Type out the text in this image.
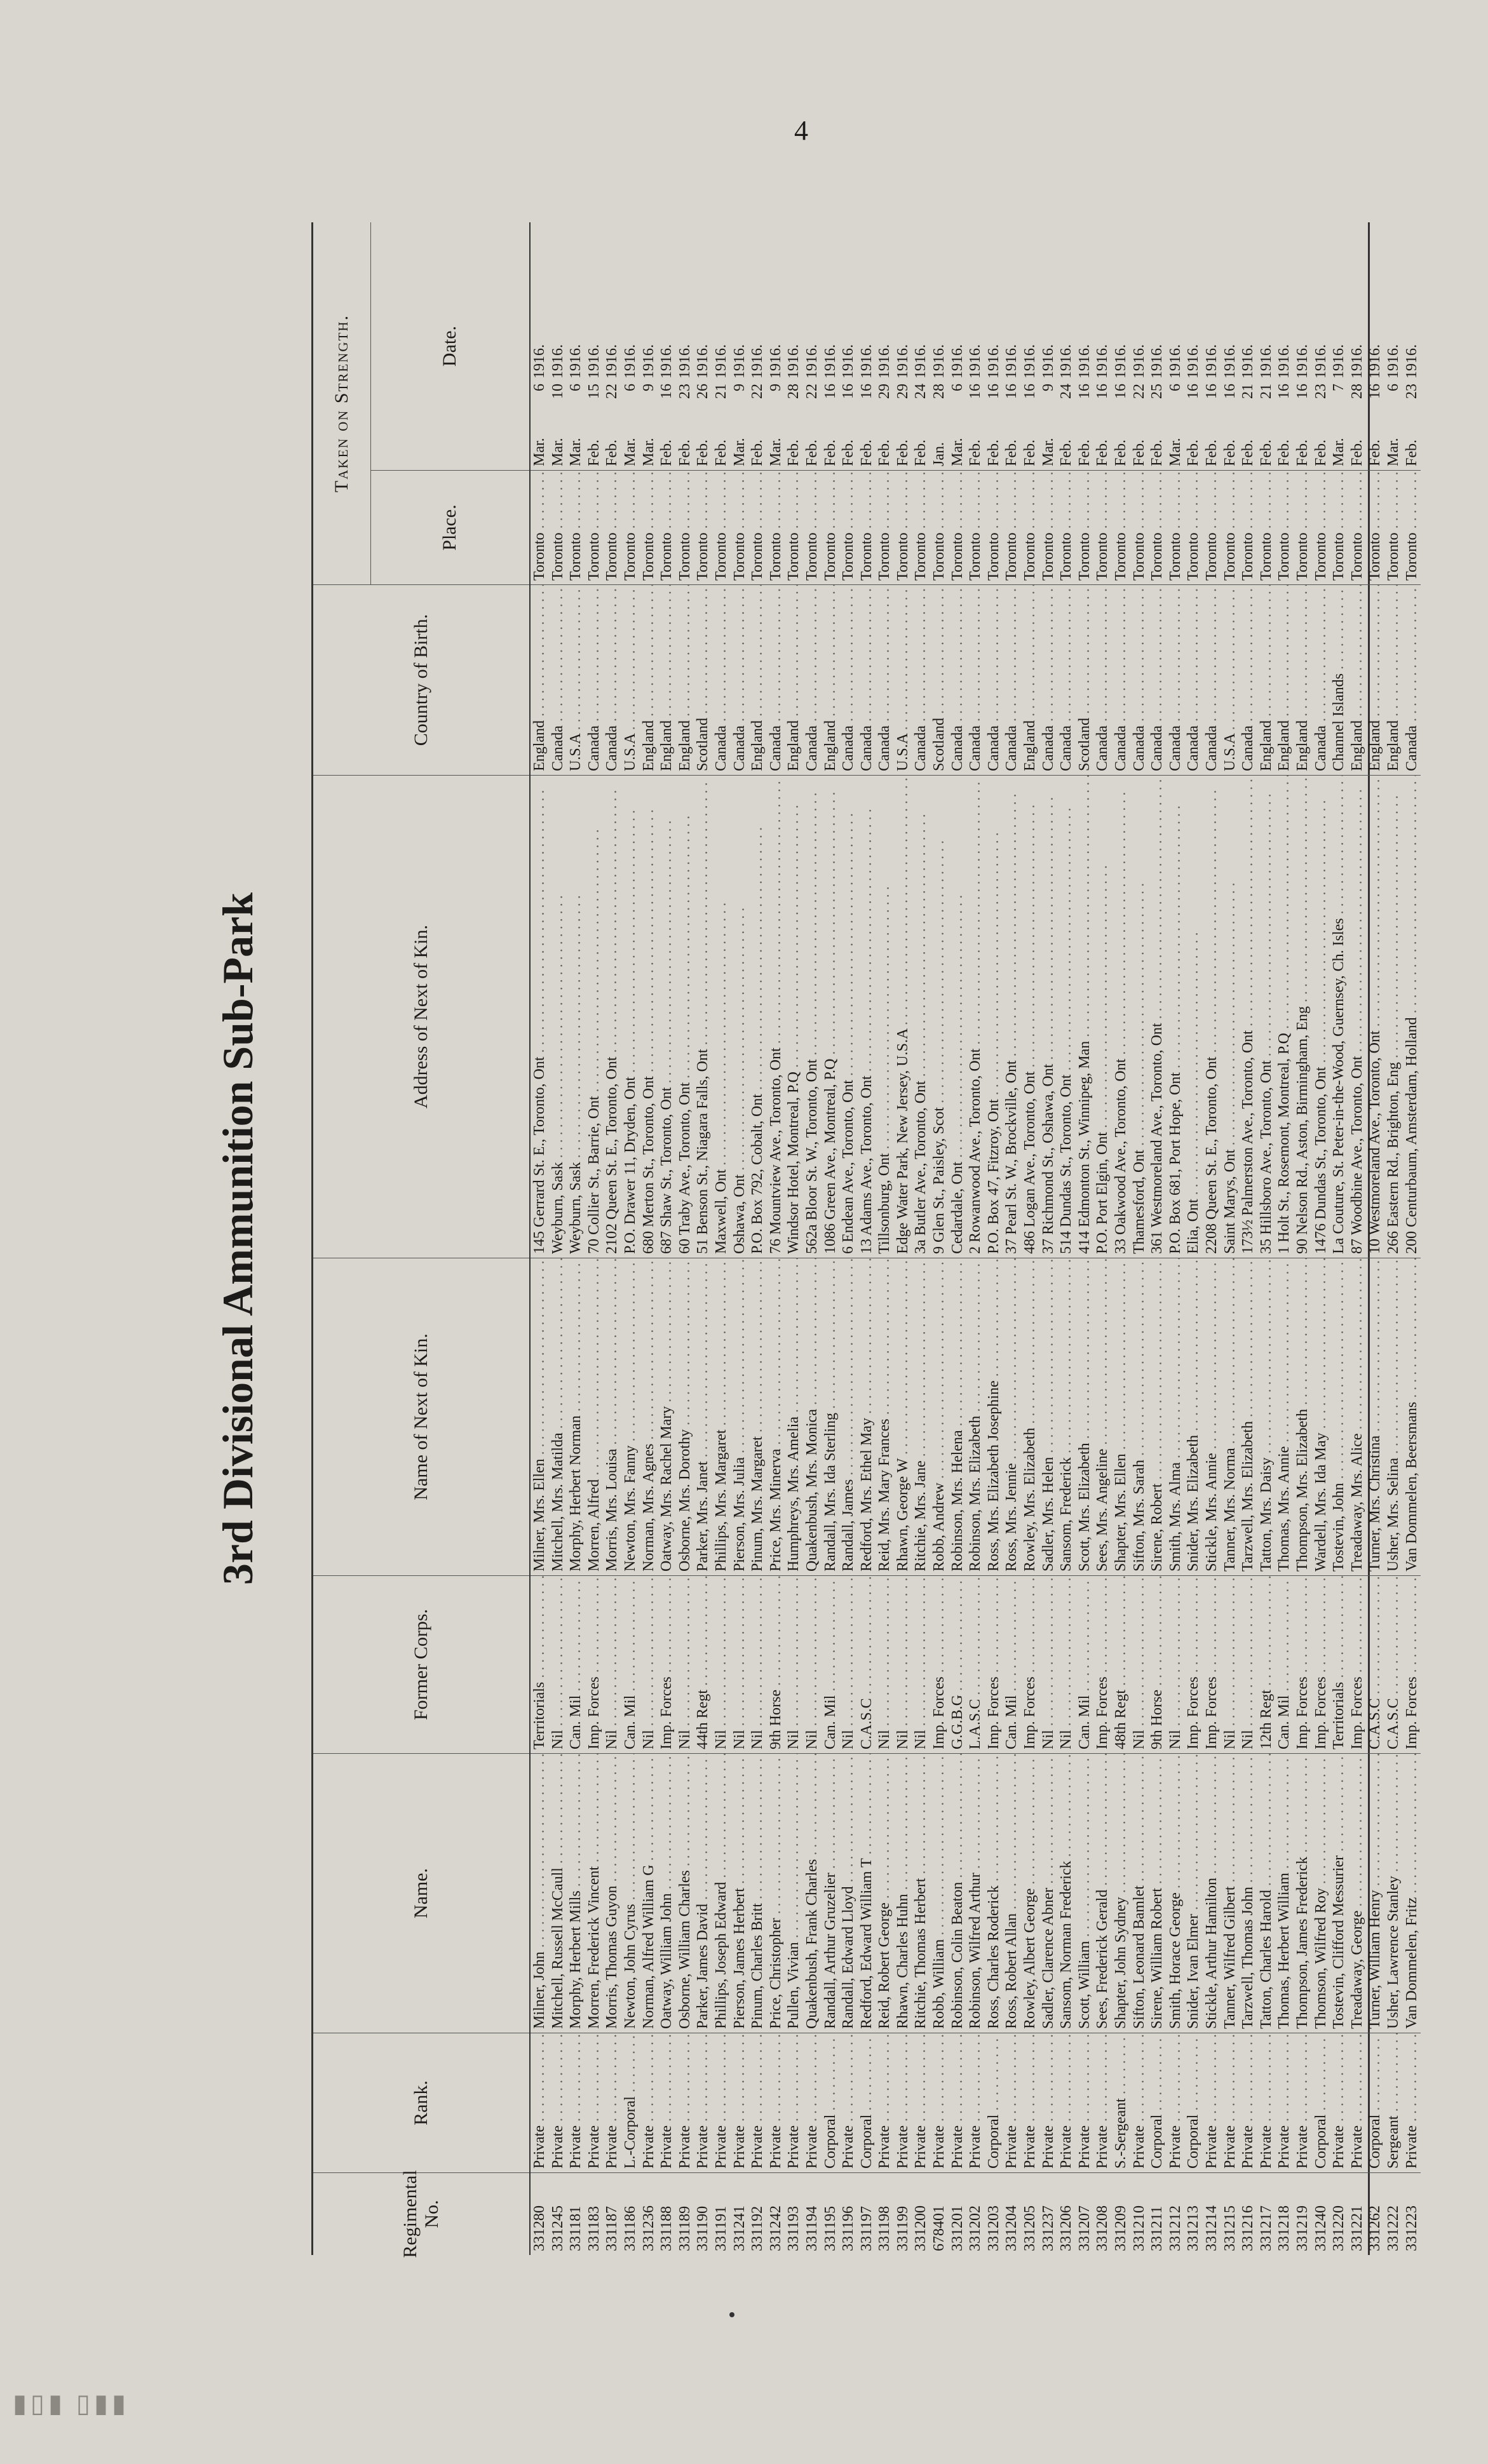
4
3rd Divisional Ammunition Sub-Park
Regimental No.
Rank.
Name.
Former Corps.
Name of Next of Kin.
Address of Next of Kin.
Country of Birth.
Taken on Strength.
Place.
Date.
331280
Private . . .
Milner, John . . .
Territorials . . .
Milner, Mrs. Ellen . . .
145 Gerrard St. E., Toronto, Ont . . .
England . . .
Toronto . . .
Mar.61916.
331245
Private . . .
Mitchell, Russell McCaull . . .
Nil . . .
Mitchell, Mrs. Matilda . . .
Weyburn, Sask . . .
Canada . . .
Toronto . . .
Mar.101916.
331181
Private . . .
Morphy, Herbert Mills . . .
Can. Mil . . .
Morphy, Herbert Norman . . .
Weyburn, Sask . . .
U.S.A . . .
Toronto . . .
Mar.61916.
331183
Private . . .
Morren, Frederick Vincent . . .
Imp. Forces . . .
Morren, Alfred . . .
70 Collier St., Barrie, Ont . . .
Canada . . .
Toronto . . .
Feb.151916.
331187
Private . . .
Morris, Thomas Guyon . . .
Nil . . .
Morris, Mrs. Louisa . . .
2102 Queen St. E., Toronto, Ont . . .
Canada . . .
Toronto . . .
Feb.221916.
331186
L.-Corporal . . .
Newton, John Cyrus . . .
Can. Mil . . .
Newton, Mrs. Fanny . . .
P.O. Drawer 11, Dryden, Ont . . .
U.S.A . . .
Toronto . . .
Mar.61916.
331236
Private . . .
Norman, Alfred William G . . .
Nil . . .
Norman, Mrs. Agnes . . .
680 Merton St., Toronto, Ont . . .
England . . .
Toronto . . .
Mar.91916.
331188
Private . . .
Oatway, William John . . .
Imp. Forces . . .
Oatway, Mrs. Rachel Mary . . .
687 Shaw St., Toronto, Ont . . .
England . . .
Toronto . . .
Feb.161916.
331189
Private . . .
Osborne, William Charles . . .
Nil . . .
Osborne, Mrs. Dorothy . . .
60 Traby Ave., Toronto, Ont . . .
England . . .
Toronto . . .
Feb.231916.
331190
Private . . .
Parker, James David . . .
44th Regt . . .
Parker, Mrs. Janet . . .
51 Benson St., Niagara Falls, Ont . . .
Scotland . . .
Toronto . . .
Feb.261916.
331191
Private . . .
Phillips, Joseph Edward . . .
Nil . . .
Phillips, Mrs. Margaret . . .
Maxwell, Ont . . .
Canada . . .
Toronto . . .
Feb.211916.
331241
Private . . .
Pierson, James Herbert . . .
Nil . . .
Pierson, Mrs. Julia . . .
Oshawa, Ont . . .
Canada . . .
Toronto . . .
Mar.91916.
331192
Private . . .
Pinum, Charles Britt . . .
Nil . . .
Pinum, Mrs. Margaret . . .
P.O. Box 792, Cobalt, Ont . . .
England . . .
Toronto . . .
Feb.221916.
331242
Private . . .
Price, Christopher . . .
9th Horse . . .
Price, Mrs. Minerva . . .
76 Mountview Ave., Toronto, Ont . . .
Canada . . .
Toronto . . .
Mar.91916.
331193
Private . . .
Pullen, Vivian . . .
Nil . . .
Humphreys, Mrs. Amelia . . .
Windsor Hotel, Montreal, P.Q . . .
England . . .
Toronto . . .
Feb.281916.
331194
Private . . .
Quakenbush, Frank Charles . . .
Nil . . .
Quakenbush, Mrs. Monica . . .
562a Bloor St. W., Toronto, Ont . . .
Canada . . .
Toronto . . .
Feb.221916.
331195
Corporal . . .
Randall, Arthur Gruzelier . . .
Can. Mil . . .
Randall, Mrs. Ida Sterling . . .
1086 Green Ave., Montreal, P.Q . . .
England . . .
Toronto . . .
Feb.161916.
331196
Private . . .
Randall, Edward Lloyd . . .
Nil . . .
Randall, James . . .
6 Endean Ave., Toronto, Ont . . .
Canada . . .
Toronto . . .
Feb.161916.
331197
Corporal . . .
Redford, Edward William T . . .
C.A.S.C . . .
Redford, Mrs. Ethel May . . .
13 Adams Ave., Toronto, Ont . . .
Canada . . .
Toronto . . .
Feb.161916.
331198
Private . . .
Reid, Robert George . . .
Nil . . .
Reid, Mrs. Mary Frances . . .
Tillsonburg, Ont . . .
Canada . . .
Toronto . . .
Feb.291916.
331199
Private . . .
Rhawn, Charles Huhn . . .
Nil . . .
Rhawn, George W . . .
Edge Water Park, New Jersey, U.S.A . . .
U.S.A . . .
Toronto . . .
Feb.291916.
331200
Private . . .
Ritchie, Thomas Herbert . . .
Nil . . .
Ritchie, Mrs. Jane . . .
3a Butler Ave., Toronto, Ont . . .
Canada . . .
Toronto . . .
Feb.241916.
678401
Private . . .
Robb, William . . .
Imp. Forces . . .
Robb, Andrew . . .
9 Glen St., Paisley, Scot . . .
Scotland . . .
Toronto . . .
Jan.281916.
331201
Private . . .
Robinson, Colin Beaton . . .
G.G.B.G . . .
Robinson, Mrs. Helena . . .
Cedardale, Ont . . .
Canada . . .
Toronto . . .
Mar.61916.
331202
Private . . .
Robinson, Wilfred Arthur . . .
L.A.S.C . . .
Robinson, Mrs. Elizabeth . . .
2 Rowanwood Ave., Toronto, Ont . . .
Canada . . .
Toronto . . .
Feb.161916.
331203
Corporal . . .
Ross, Charles Roderick . . .
Imp. Forces . . .
Ross, Mrs. Elizabeth Josephine . . .
P.O. Box 47, Fitzroy, Ont . . .
Canada . . .
Toronto . . .
Feb.161916.
331204
Private . . .
Ross, Robert Allan . . .
Can. Mil . . .
Ross, Mrs. Jennie . . .
37 Pearl St. W., Brockville, Ont . . .
Canada . . .
Toronto . . .
Feb.161916.
331205
Private . . .
Rowley, Albert George . . .
Imp. Forces . . .
Rowley, Mrs. Elizabeth . . .
486 Logan Ave., Toronto, Ont . . .
England . . .
Toronto . . .
Feb.161916.
331237
Private . . .
Sadler, Clarence Abner . . .
Nil . . .
Sadler, Mrs. Helen . . .
37 Richmond St., Oshawa, Ont . . .
Canada . . .
Toronto . . .
Mar.91916.
331206
Private . . .
Sansom, Norman Frederick . . .
Nil . . .
Sansom, Frederick . . .
514 Dundas St., Toronto, Ont . . .
Canada . . .
Toronto . . .
Feb.241916.
331207
Private . . .
Scott, William . . .
Can. Mil . . .
Scott, Mrs. Elizabeth . . .
414 Edmonton St., Winnipeg, Man . . .
Scotland . . .
Toronto . . .
Feb.161916.
331208
Private . . .
Sees, Frederick Gerald . . .
Imp. Forces . . .
Sees, Mrs. Angeline . . .
P.O. Port Elgin, Ont . . .
Canada . . .
Toronto . . .
Feb.161916.
331209
S.-Sergeant . . .
Shapter, John Sydney . . .
48th Regt . . .
Shapter, Mrs. Ellen . . .
33 Oakwood Ave., Toronto, Ont . . .
Canada . . .
Toronto . . .
Feb.161916.
331210
Private . . .
Sifton, Leonard Bamlet . . .
Nil . . .
Sifton, Mrs. Sarah . . .
Thamesford, Ont . . .
Canada . . .
Toronto . . .
Feb.221916.
331211
Corporal . . .
Sirene, William Robert . . .
9th Horse . . .
Sirene, Robert . . .
361 Westmoreland Ave., Toronto, Ont . . .
Canada . . .
Toronto . . .
Feb.251916.
331212
Private . . .
Smith, Horace George . . .
Nil . . .
Smith, Mrs. Alma . . .
P.O. Box 681, Port Hope, Ont . . .
Canada . . .
Toronto . . .
Mar.61916.
331213
Corporal . . .
Snider, Ivan Elmer . . .
Imp. Forces . . .
Snider, Mrs. Elizabeth . . .
Elia, Ont . . .
Canada . . .
Toronto . . .
Feb.161916.
331214
Private . . .
Stickle, Arthur Hamilton . . .
Imp. Forces . . .
Stickle, Mrs. Annie . . .
2208 Queen St. E., Toronto, Ont . . .
Canada . . .
Toronto . . .
Feb.161916.
331215
Private . . .
Tanner, Wilfred Gilbert . . .
Nil . . .
Tanner, Mrs. Norma . . .
Saint Marys, Ont . . .
U.S.A . . .
Toronto . . .
Feb.161916.
331216
Private . . .
Tarzwell, Thomas John . . .
Nil . . .
Tarzwell, Mrs. Elizabeth . . .
173½ Palmerston Ave., Toronto, Ont . . .
Canada . . .
Toronto . . .
Feb.211916.
331217
Private . . .
Tatton, Charles Harold . . .
12th Regt . . .
Tatton, Mrs. Daisy . . .
35 Hillsboro Ave., Toronto, Ont . . .
England . . .
Toronto . . .
Feb.211916.
331218
Private . . .
Thomas, Herbert William . . .
Can. Mil . . .
Thomas, Mrs. Annie . . .
1 Holt St., Rosemont, Montreal, P.Q . . .
England . . .
Toronto . . .
Feb.161916.
331219
Private . . .
Thompson, James Frederick . . .
Imp. Forces . . .
Thompson, Mrs. Elizabeth . . .
90 Nelson Rd., Aston, Birmingham, Eng . . .
England . . .
Toronto . . .
Feb.161916.
331240
Corporal . . .
Thomson, Wilfred Roy . . .
Imp. Forces . . .
Wardell, Mrs. Ida May . . .
1476 Dundas St., Toronto, Ont . . .
Canada . . .
Toronto . . .
Feb.231916.
331220
Private . . .
Tostevin, Clifford Messurier . . .
Territorials . . .
Tostevin, John . . .
La Couture, St. Peter-in-the-Wood, Guernsey, Ch. Isles . . .
Channel Islands . . .
Toronto . . .
Mar.71916.
331221
Private . . .
Treadaway, George . . .
Imp. Forces . . .
Treadaway, Mrs. Alice . . .
87 Woodbine Ave., Toronto, Ont . . .
England . . .
Toronto . . .
Feb.281916.
331262
Corporal . . .
Turner, William Henry . . .
C.A.S.C . . .
Turner, Mrs. Christina . . .
10 Westmoreland Ave., Toronto, Ont . . .
England . . .
Toronto . . .
Feb.161916.
331222
Sergeant . . .
Usher, Lawrence Stanley . . .
C.A.S.C . . .
Usher, Mrs. Selina . . .
266 Eastern Rd., Brighton, Eng . . .
England . . .
Toronto . . .
Mar.61916.
331223
Private . . .
Van Dommelen, Fritz . . .
Imp. Forces . . .
Van Dommelen, Beersmans . . .
200 Centurbaum, Amsterdam, Holland . . .
Canada . . .
Toronto . . .
Feb.231916.
▮▯▮ ▯▮▮
